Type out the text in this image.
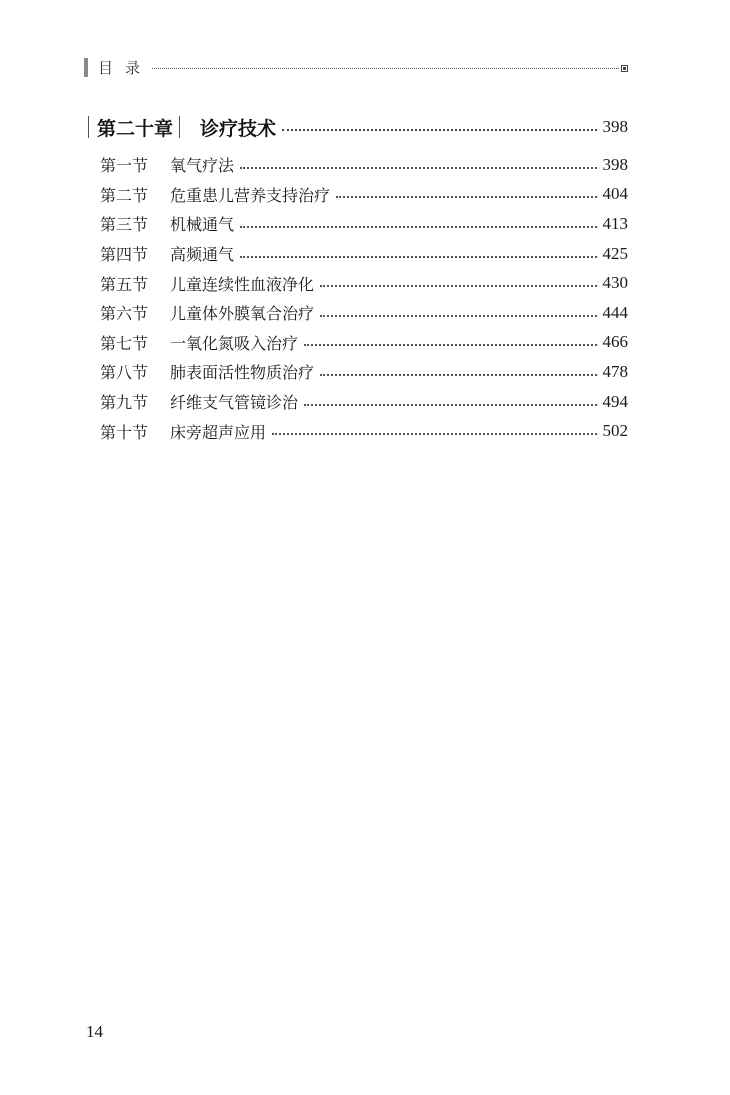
目录
第二十章 诊疗技术	398
第一节	氧气疗法	398
第二节	危重患儿营养支持治疗	404
第三节	机械通气	413
第四节	高频通气	425
第五节	儿童连续性血液净化	430
第六节	儿童体外膜氧合治疗	444
第七节	一氧化氮吸入治疗	466
第八节	肺表面活性物质治疗	478
第九节	纤维支气管镜诊治	494
第十节	床旁超声应用	502
14
